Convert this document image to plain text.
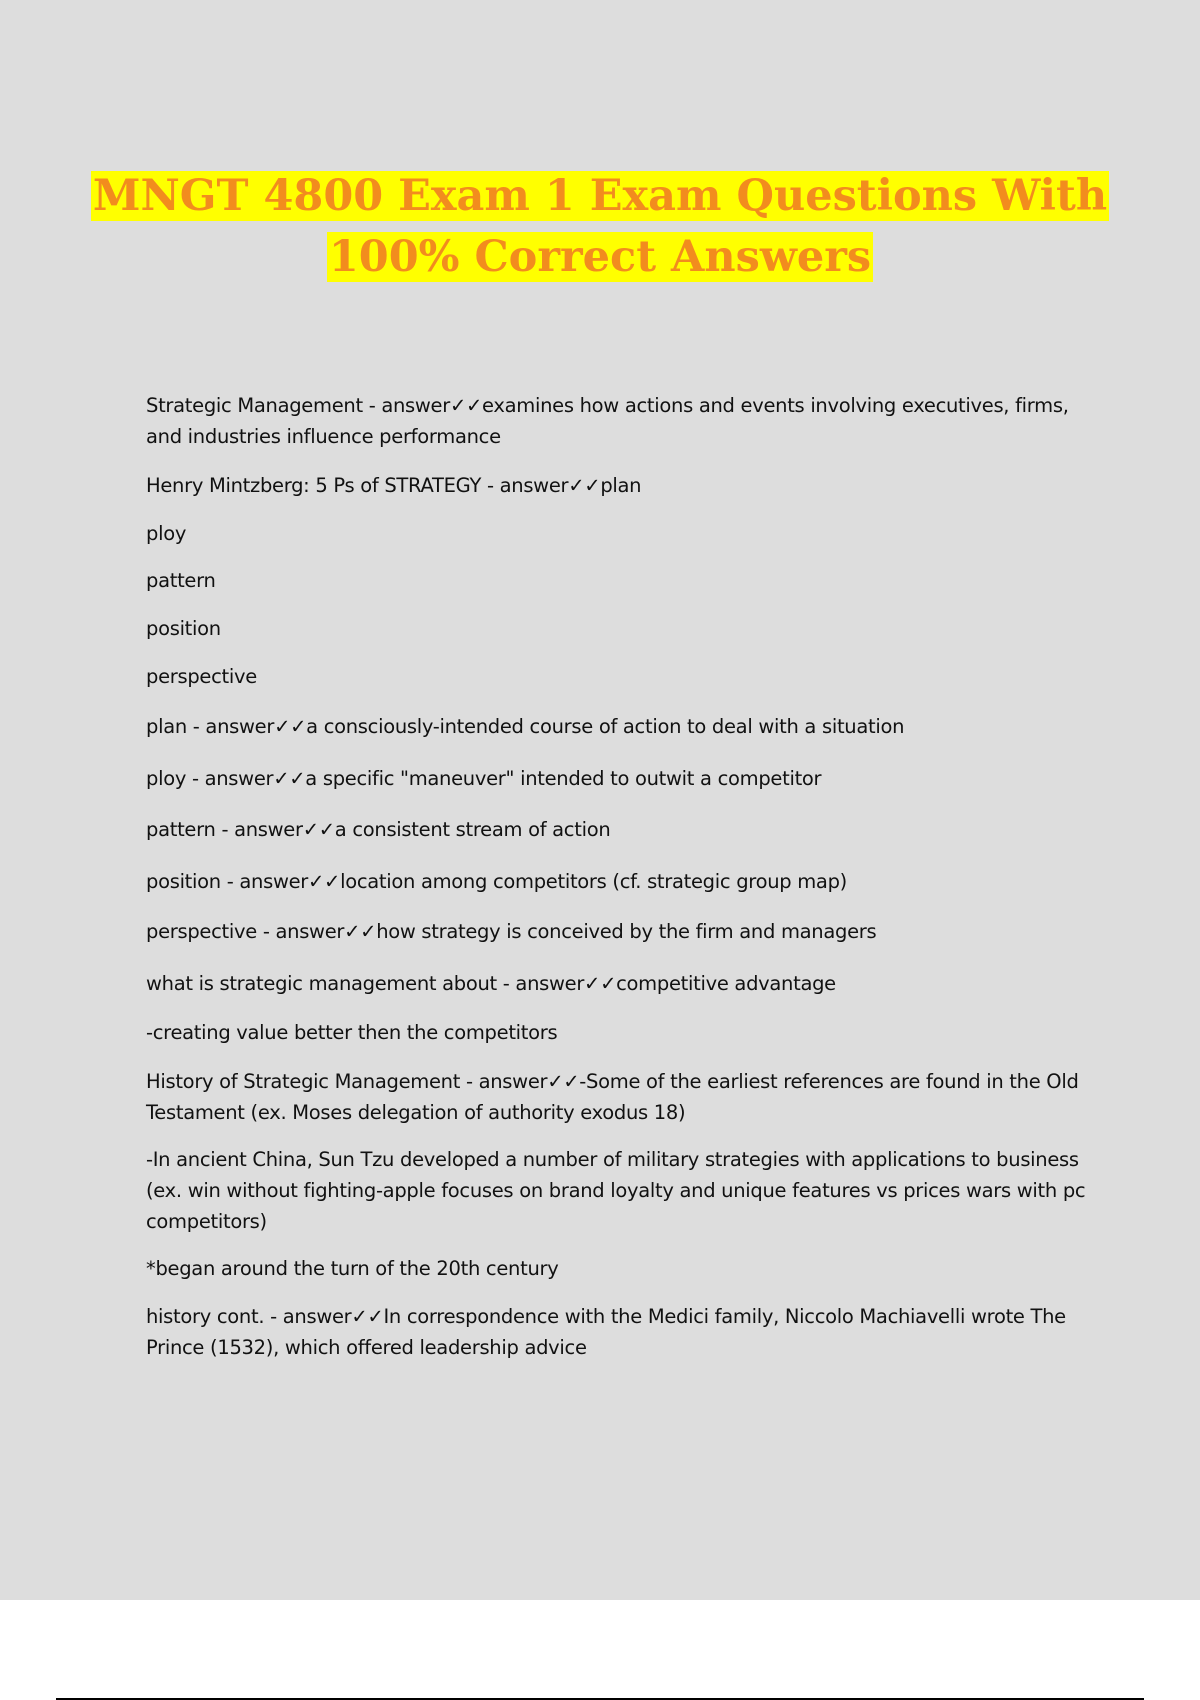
MNGT 4800 Exam 1 Exam Questions With
100% Correct Answers

Strategic Management - answer✓✓examines how actions and events involving executives, firms, and industries influence performance

Henry Mintzberg: 5 Ps of STRATEGY - answer✓✓plan

ploy

pattern

position

perspective

plan - answer✓✓a consciously-intended course of action to deal with a situation

ploy - answer✓✓a specific "maneuver" intended to outwit a competitor

pattern - answer✓✓a consistent stream of action

position - answer✓✓location among competitors (cf. strategic group map)

perspective - answer✓✓how strategy is conceived by the firm and managers

what is strategic management about - answer✓✓competitive advantage

-creating value better then the competitors

History of Strategic Management - answer✓✓-Some of the earliest references are found in the Old Testament (ex. Moses delegation of authority exodus 18)

-In ancient China, Sun Tzu developed a number of military strategies with applications to business (ex. win without fighting-apple focuses on brand loyalty and unique features vs prices wars with pc competitors)

*began around the turn of the 20th century

history cont. - answer✓✓In correspondence with the Medici family, Niccolo Machiavelli wrote The Prince (1532), which offered leadership advice
